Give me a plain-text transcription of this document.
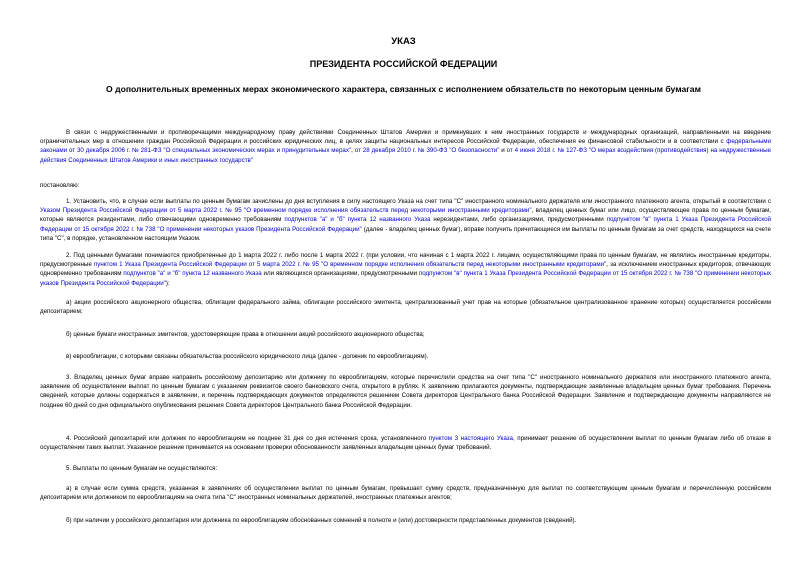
УКАЗ
ПРЕЗИДЕНТА РОССИЙСКОЙ ФЕДЕРАЦИИ
О дополнительных временных мерах экономического характера, связанных с исполнением обязательств по некоторым ценным бумагам
В связи с недружественными и противоречащими международному праву действиями Соединенных Штатов Америки и примкнувших к ним иностранных государств и международных организаций, направленными на введение ограничительных мер в отношении граждан Российской Федерации и российских юридических лиц, в целях защиты национальных интересов Российской Федерации, обеспечения ее финансовой стабильности и в соответствии с федеральными законами от 30 декабря 2006 г. № 281-ФЗ "О специальных экономических мерах и принудительных мерах", от 28 декабря 2010 г. № 390-ФЗ "О безопасности" и от 4 июня 2018 г. № 127-ФЗ "О мерах воздействия (противодействия) на недружественные действия Соединенных Штатов Америки и иных иностранных государств"
постановляю:
1. Установить, что, в случае если выплаты по ценным бумагам зачислены до дня вступления в силу настоящего Указа на счет типа "С" иностранного номинального держателя или иностранного платежного агента, открытый в соответствии с Указом Президента Российской Федерации от 5 марта 2022 г. № 95 "О временном порядке исполнения обязательств перед некоторыми иностранными кредиторами", владелец ценных бумаг или лицо, осуществляющее права по ценным бумагам, которые являются резидентами, либо отвечающими одновременно требованиям подпунктов "а" и "б" пункта 12 названного Указа нерезидентами, либо организациями, предусмотренными подпунктом "в" пункта 1 Указа Президента Российской Федерации от 15 октября 2022 г. № 738 "О применении некоторых указов Президента Российской Федерации" (далее - владелец ценных бумаг), вправе получить причитающиеся им выплаты по ценным бумагам за счет средств, находящихся на счете типа "С", в порядке, установленном настоящим Указом.
2. Под ценными бумагами понимаются приобретенные до 1 марта 2022 г. либо после 1 марта 2022 г. (при условии, что начиная с 1 марта 2022 г. лицами, осуществляющими права по ценным бумагам, не являлись иностранные кредиторы, предусмотренные пунктом 1 Указа Президента Российской Федерации от 5 марта 2022 г. № 95 "О временном порядке исполнения обязательств перед некоторыми иностранными кредиторами", за исключением иностранных кредиторов, отвечающих одновременно требованиям подпунктов "а" и "б" пункта 12 названного Указа или являющихся организациями, предусмотренными подпунктом "в" пункта 1 Указа Президента Российской Федерации от 15 октября 2022 г. № 738 "О применении некоторых указов Президента Российской Федерации"):
а) акции российского акционерного общества, облигации федерального займа, облигации российского эмитента, централизованный учет прав на которые (обязательное централизованное хранение которых) осуществляется российским депозитарием;
б) ценные бумаги иностранных эмитентов, удостоверяющие права в отношении акций российского акционерного общества;
в) еврооблигации, с которыми связаны обязательства российского юридического лица (далее - должник по еврооблигациям).
3. Владелец ценных бумаг вправе направить российскому депозитарию или должнику по еврооблигациям, которые перечислили средства на счет типа "С" иностранного номинального держателя или иностранного платежного агента, заявление об осуществлении выплат по ценным бумагам с указанием реквизитов своего банковского счета, открытого в рублях. К заявлению прилагаются документы, подтверждающие заявленные владельцем ценных бумаг требования. Перечень сведений, которые должны содержаться в заявлении, и перечень подтверждающих документов определяются решением Совета директоров Центрального банка Российской Федерации. Заявление и подтверждающие документы направляются не позднее 60 дней со дня официального опубликования решения Совета директоров Центрального банка Российской Федерации.
4. Российский депозитарий или должник по еврооблигациям не позднее 31 дня со дня истечения срока, установленного пунктом 3 настоящего Указа, принимает решение об осуществлении выплат по ценным бумагам либо об отказе в осуществлении таких выплат. Указанное решение принимается на основании проверки обоснованности заявленных владельцем ценных бумаг требований.
5. Выплаты по ценным бумагам не осуществляются:
а) в случае если сумма средств, указанная в заявлениях об осуществлении выплат по ценным бумагам, превышает сумму средств, предназначенную для выплат по соответствующим ценным бумагам и перечисленную российским депозитарием или должником по еврооблигациям на счета типа "С" иностранных номинальных держателей, иностранных платежных агентов;
б) при наличии у российского депозитария или должника по еврооблигациям обоснованных сомнений в полноте и (или) достоверности представленных документов (сведений).
